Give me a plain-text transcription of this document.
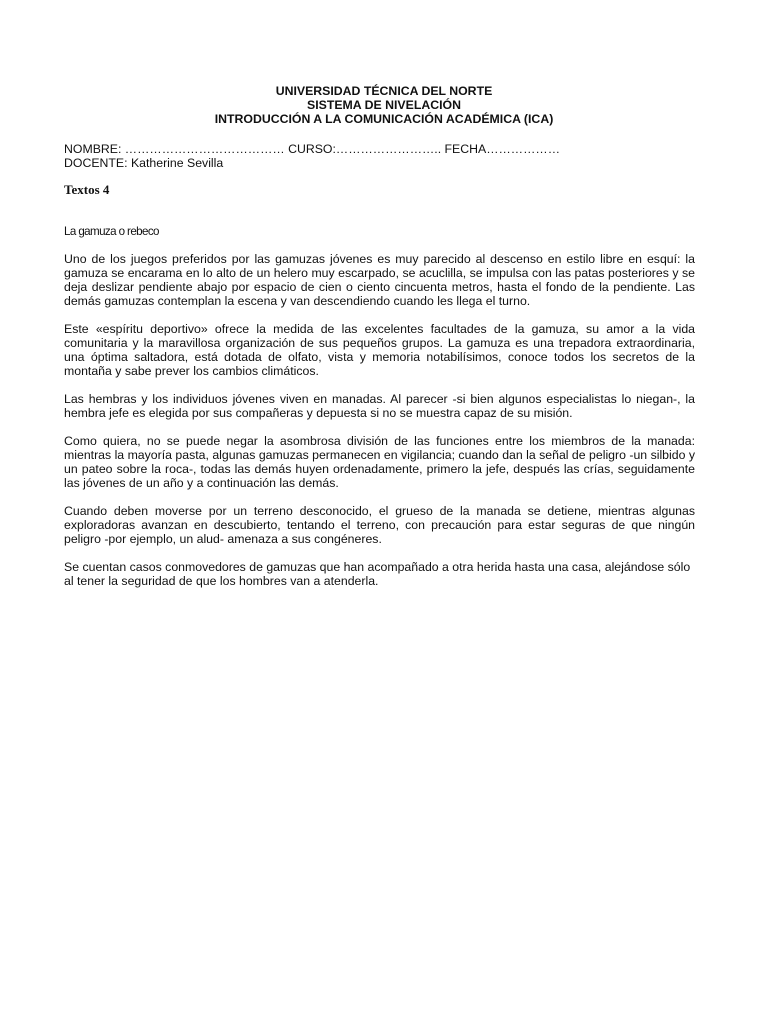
UNIVERSIDAD TÉCNICA DEL NORTE
SISTEMA DE NIVELACIÓN
INTRODUCCIÓN A LA COMUNICACIÓN ACADÉMICA (ICA)
NOMBRE: ………………………………… CURSO:…………………….. FECHA………………
DOCENTE: Katherine Sevilla
Textos 4
La gamuza o rebeco

Uno de los juegos preferidos por las gamuzas jóvenes es muy parecido al descenso en estilo libre en esquí: la gamuza se encarama en lo alto de un helero muy escarpado, se acuclilla, se impulsa con las patas posteriores y se deja deslizar pendiente abajo por espacio de cien o ciento cincuenta metros, hasta el fondo de la pendiente. Las demás gamuzas contemplan la escena y van descendiendo cuando les llega el turno.

Este «espíritu deportivo» ofrece la medida de las excelentes facultades de la gamuza, su amor a la vida comunitaria y la maravillosa organización de sus pequeños grupos. La gamuza es una trepadora extraordinaria, una óptima saltadora, está dotada de olfato, vista y memoria notabilísimos, conoce todos los secretos de la montaña y sabe prever los cambios climáticos.

Las hembras y los individuos jóvenes viven en manadas. Al parecer -si bien algunos especialistas lo niegan-, la hembra jefe es elegida por sus compañeras y depuesta si no se muestra capaz de su misión.

Como quiera, no se puede negar la asombrosa división de las funciones entre los miembros de la manada: mientras la mayoría pasta, algunas gamuzas permanecen en vigilancia; cuando dan la señal de peligro -un silbido y un pateo sobre la roca-, todas las demás huyen ordenadamente, primero la jefe, después las crías, seguidamente las jóvenes de un año y a continuación las demás.

Cuando deben moverse por un terreno desconocido, el grueso de la manada se detiene, mientras algunas exploradoras avanzan en descubierto, tentando el terreno, con precaución para estar seguras de que ningún peligro -por ejemplo, un alud- amenaza a sus congéneres.

Se cuentan casos conmovedores de gamuzas que han acompañado a otra herida hasta una casa, alejándose sólo al tener la seguridad de que los hombres van a atenderla.
